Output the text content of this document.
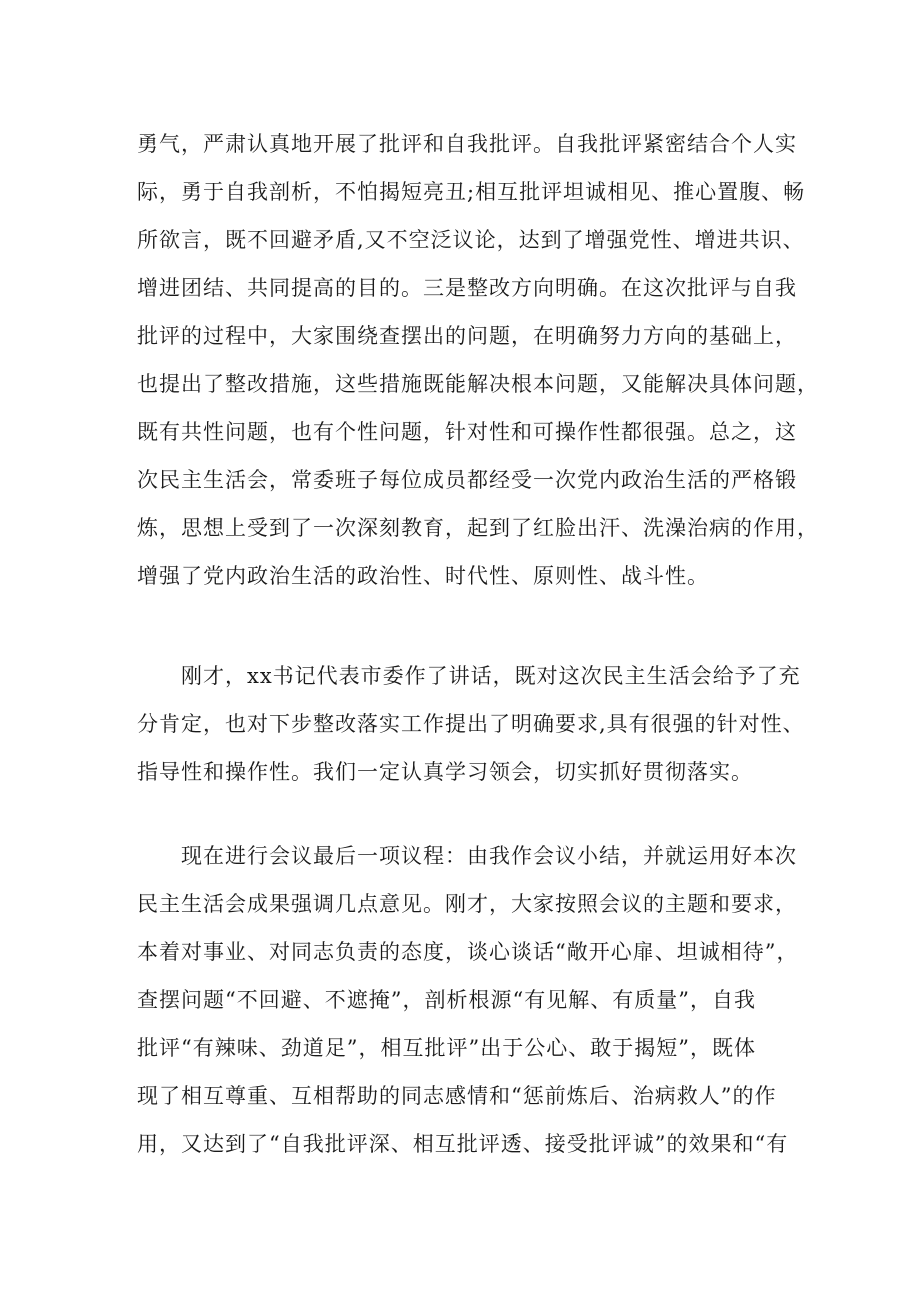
勇气，严肃认真地开展了批评和自我批评。自我批评紧密结合个人实
际，勇于自我剖析，不怕揭短亮丑;相互批评坦诚相见、推心置腹、畅
所欲言，既不回避矛盾,又不空泛议论，达到了增强党性、增进共识、
增进团结、共同提高的目的。三是整改方向明确。在这次批评与自我
批评的过程中，大家围绕查摆出的问题，在明确努力方向的基础上，
也提出了整改措施，这些措施既能解决根本问题，又能解决具体问题，
既有共性问题，也有个性问题，针对性和可操作性都很强。总之，这
次民主生活会，常委班子每位成员都经受一次党内政治生活的严格锻
炼，思想上受到了一次深刻教育，起到了红脸出汗、洗澡治病的作用，
增强了党内政治生活的政治性、时代性、原则性、战斗性。
刚才，xx书记代表市委作了讲话，既对这次民主生活会给予了充
分肯定，也对下步整改落实工作提出了明确要求,具有很强的针对性、
指导性和操作性。我们一定认真学习领会，切实抓好贯彻落实。
现在进行会议最后一项议程：由我作会议小结，并就运用好本次
民主生活会成果强调几点意见。刚才，大家按照会议的主题和要求，
本着对事业、对同志负责的态度，谈心谈话“敞开心扉、坦诚相待”，
查摆问题“不回避、不遮掩”，剖析根源“有见解、有质量”，自我
批评“有辣味、劲道足”，相互批评”出于公心、敢于揭短”，既体
现了相互尊重、互相帮助的同志感情和“惩前炼后、治病救人”的作
用，又达到了“自我批评深、相互批评透、接受批评诚”的效果和“有
